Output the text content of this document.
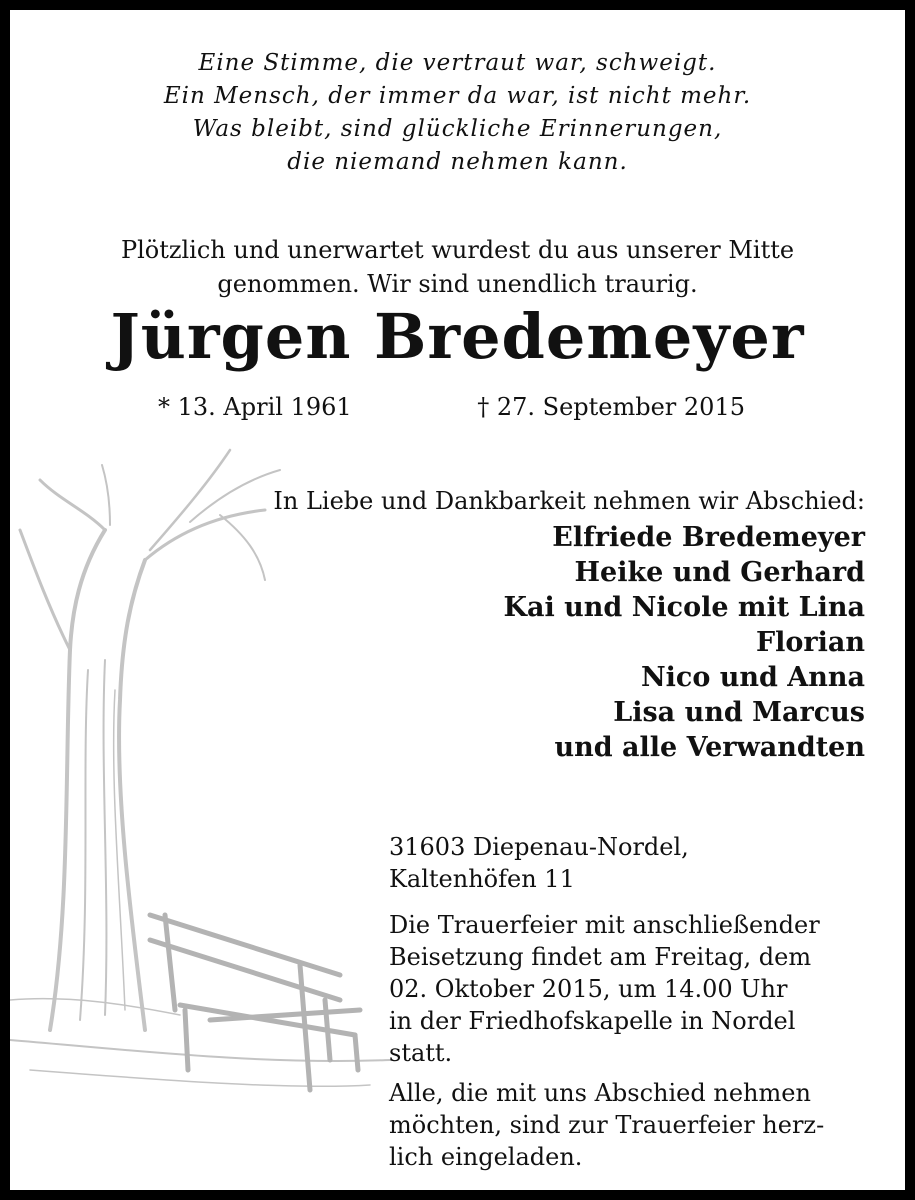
Eine Stimme, die vertraut war, schweigt.
Ein Mensch, der immer da war, ist nicht mehr.
Was bleibt, sind glückliche Erinnerungen,
die niemand nehmen kann.
Plötzlich und unerwartet wurdest du aus unserer Mitte
genommen. Wir sind unendlich traurig.
Jürgen Bredemeyer
* 13. April 1961	† 27. September 2015
In Liebe und Dankbarkeit nehmen wir Abschied:
Elfriede Bredemeyer
Heike und Gerhard
Kai und Nicole mit Lina
Florian
Nico und Anna
Lisa und Marcus
und alle Verwandten
31603 Diepenau-Nordel,
Kaltenhöfen 11
Die Trauerfeier mit anschließender
Beisetzung findet am Freitag, dem
02. Oktober 2015, um 14.00 Uhr
in der Friedhofskapelle in Nordel
statt.
Alle, die mit uns Abschied nehmen
möchten, sind zur Trauerfeier herz-
lich eingeladen.
